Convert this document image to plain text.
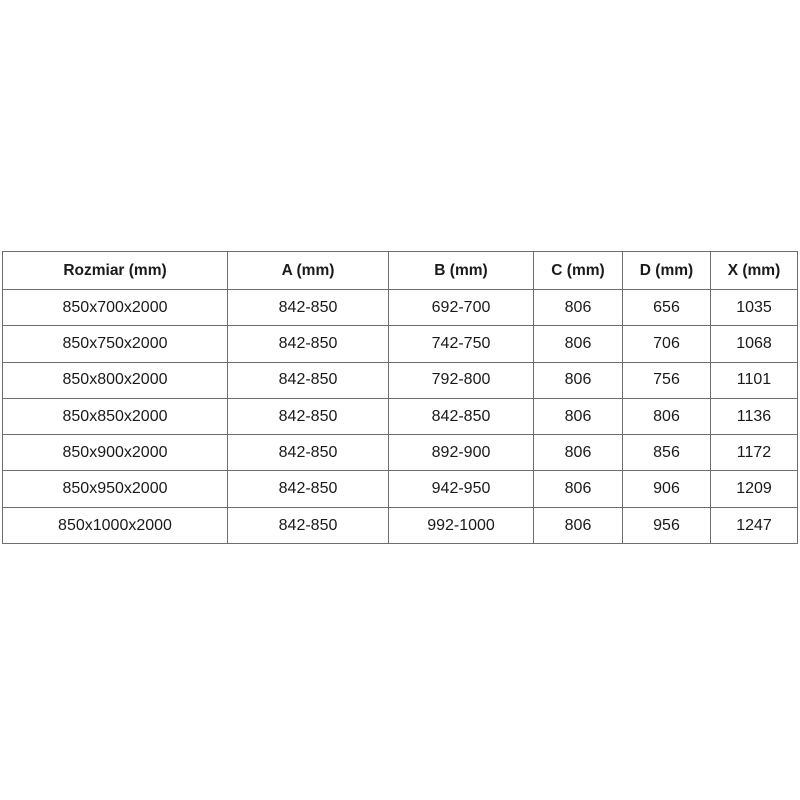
Rozmiar (mm)	A (mm)	B (mm)	C (mm)	D (mm)	X (mm)
850x700x2000	842-850	692-700	806	656	1035
850x750x2000	842-850	742-750	806	706	1068
850x800x2000	842-850	792-800	806	756	1101
850x850x2000	842-850	842-850	806	806	1136
850x900x2000	842-850	892-900	806	856	1172
850x950x2000	842-850	942-950	806	906	1209
850x1000x2000	842-850	992-1000	806	956	1247
